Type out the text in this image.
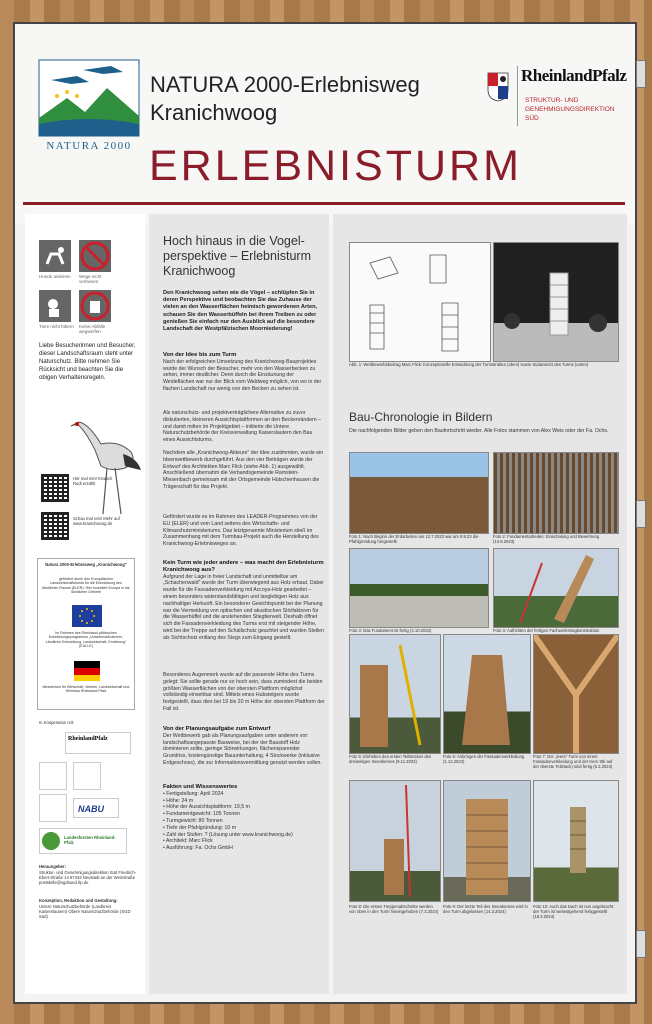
NATURA 2000
NATURA 2000-Erlebnisweg
Kranichwoog
RheinlandPfalz
STRUKTUR- UND GENEHMIGUNGSDIREKTION SÜD
ERLEBNISTURM
Hunde anleinen	Wege nicht verlassen
Tiere nicht füttern	Keine Abfälle wegwerfen
Liebe Besucherinnen und Besucher, dieser Landschaftsraum steht unter Naturschutz. Bitte nehmen Sie Rücksicht und beachten Sie die obigen Verhaltensregeln.
Hör mal rein! Kranich Rudi erzählt
Schau mal rein! Mehr auf www.kranichwoog.de
Natura 2000-Erlebnisweg „Kranichwoog"
gefördert durch den Europäischen Landwirtschaftsfonds für die Entwicklung des ländlichen Raums (ELER): Hier investiert Europa in die ländlichen Gebiete
Im Rahmen des Rheinland-pfälzischen Entwicklungsprogramms „Umweltmaßnahmen, Ländliche Entwicklung, Landwirtschaft, Ernährung" (EULLE)
Ministerium für Wirtschaft, Verkehr, Landwirtschaft und Weinbau Rheinland-Pfalz
In Kooperation mit:
RheinlandPfalz
NABU
Landesforsten Rheinland-Pfalz
Herausgeber:
Struktur- und Genehmigungsdirektion Süd Friedrich-Ebert-Straße 14 67433 Neustadt an der Weinstraße poststelle@sgdsued.rlp.de
Konzeption, Redaktion und Gestaltung:
Untere Naturschutzbehörde (Landkreis Kaiserslautern) Obere Naturschutzbehörde (SGD Süd)
Hoch hinaus in die Vogel-perspektive – Erlebnisturm Kranichwoog
Den Kranichwoog sehen wie die Vögel – schlüpfen Sie in deren Perspektive und beobachten Sie das Zuhause der vielen an den Wasserflächen heimisch gewordenen Arten, schauen Sie den Wasserbüffeln bei ihrem Treiben zu oder genießen Sie einfach nur den Ausblick auf die besondere Landschaft der Westpfälzischen Moorniederung!
Von der Idee bis zum Turm
Nach der erfolgreichen Umsetzung des Kranichwoog-Bauprojektes wurde der Wunsch der Besucher, mehr von den Wasserbecken zu sehen, immer deutlicher. Denn durch die Einzäunung der Weideflächen war nur der Blick vom Waldweg möglich, von wo in der flachen Landschaft nur wenig von den Becken zu sehen ist.
Als naturschutz- und projektverträglichere Alternative zu zuvor diskutierten, kleineren Aussichtsplattformen an den Beckenrändern – und damit mitten im Projektgebiet – initiierte die Untere Naturschutzbehörde der Kreisverwaltung Kaiserslautern den Bau eines Aussichtsturms.
Nachdem alle „Kranichwoog-Akteure" der Idee zustimmten, wurde ein Ideenwettbewerb durchgeführt. Aus den vier Beiträgen wurde der Entwurf des Architekten Marc Flick (siehe Abb. 1) ausgewählt. Anschließend übernahm die Verbandsgemeinde Ramstein-Miesenbach gemeinsam mit der Ortsgemeinde Hütschenhausen die Trägerschaft für das Projekt.
Gefördert wurde es im Rahmen des LEADER-Programmes von der EU (ELER) und vom Land seitens des Wirtschafts- und Klimaschutzministeriums. Das letztgenannte Ministerium stieß im Zusammenhang mit dem Turmbau-Projekt auch die Herstellung des Kranichwoog-Erlebnisweges an.
Kein Turm wie jeder andere – was macht den Erlebnisturm Kranichwoog aus?
Aufgrund der Lage in freier Landschaft und unmittelbar am „Schachenwald" wurde der Turm überwiegend aus Holz erbaut. Dabei wurde für die Fassadenverkleidung mit Accoya-Holz gearbeitet – einem besonders widerstandsfähigen und langlebigen Holz aus nachhaltiger Herkunft. Ein besonderer Gesichtspunkt bei der Planung war die Vermeidung von optischen und akustischen Störfaktoren für die Wasserbüffel und die anstehenden Stiegtierwelt. Deshalb öffnet sich die Fassadenverkleidung des Turms erst mit steigender Höhe, wird bei der Treppe auf den Schallschutz geachtet und wurden Stellen als Sichtschutz entlang des Stegs zum Eingang gestellt.
Besonderes Augenmerk wurde auf die passende Höhe des Turms gelegt: Sie sollte gerade nur so hoch sein, dass zumindest die beiden größten Wasserflächen von der obersten Plattform möglichst vollständig einsehbar sind. Mittels eines Hubsteigers wurde festgestellt, dass dies bei 19 bis 20 m Höhe der obersten Plattform der Fall ist.
Von der Planungsaufgabe zum Entwurf
Der Wettbewerb gab als Planungsaufgaben unter anderem vor: landschaftsangepasste Bauweise, bei der der Baustoff Holz dominieren sollte, geringe Störwirkungen, flächensparender Grundriss, kostengünstige Bauunterhaltung, 4 Stockwerke (inklusive Erdgeschoss), die zur Informationsvermittlung genutzt werden sollen.
Fakten und Wissenswertes
• Fertigstellung: April 2024
• Höhe: 24 m
• Höhe der Aussichtsplattform: 19,5 m
• Fundamentgewicht: 105 Tonnen
• Turmgewicht: 80 Tonnen
• Tiefe der Pfahlgründung: 10 m
• Zahl der Stufen: ? (Lösung unter www.kranichwoog.de)
• Architekt: Marc Flick
• Ausführung: Fa. Ochs GmbH
Abb. 1: Wettbewerbsbeitrag Marc Flick: Konzeptionelle Entwicklung der Turmstruktur (oben) sowie Südansicht des Turms (unten)
Bau-Chronologie in Bildern
Die nachfolgenden Bilder geben den Baufortschritt wieder. Alle Fotos stammen von Alex Weis oder der Fa. Ochs.
Foto 1: Nach Beginn der Erdarbeiten am 12.7.2023 war am 9.8.23 die Pfahlgründung hergestellt.
Foto 2: Fundamentarbeiten: Einschalung und Bewehrung (13.9.2023)
Foto 3: Das Fundament ist fertig (4.10.2023)	Foto 4: Aufrichten der fertigen Fachwerkstragkonstruktion
Foto 5: Einheben des ersten Teilstückes des dreiseitigen Innenkernes (9.11.2023)
Foto 6: Anbringen der Fassadenverkleidung (1.12.2023)
Foto 7: Der „leere" Turm von innen: Fassadenverkleidung und der Kern Stk auf der oberste Teilstück) sind fertig (6.2.2024)
Foto 8: Die ersten Treppenabschnitte werden von oben in den Turm hineingehoben (7.3.2024)
Foto 9: Der letzte Teil des Innenkernes wird in den Turm abgelassen (14.3.2024)
Foto 10: Auch das Dach ist nun angebracht: der Turm ist weitestgehend fertiggestellt (18.3.2024)
